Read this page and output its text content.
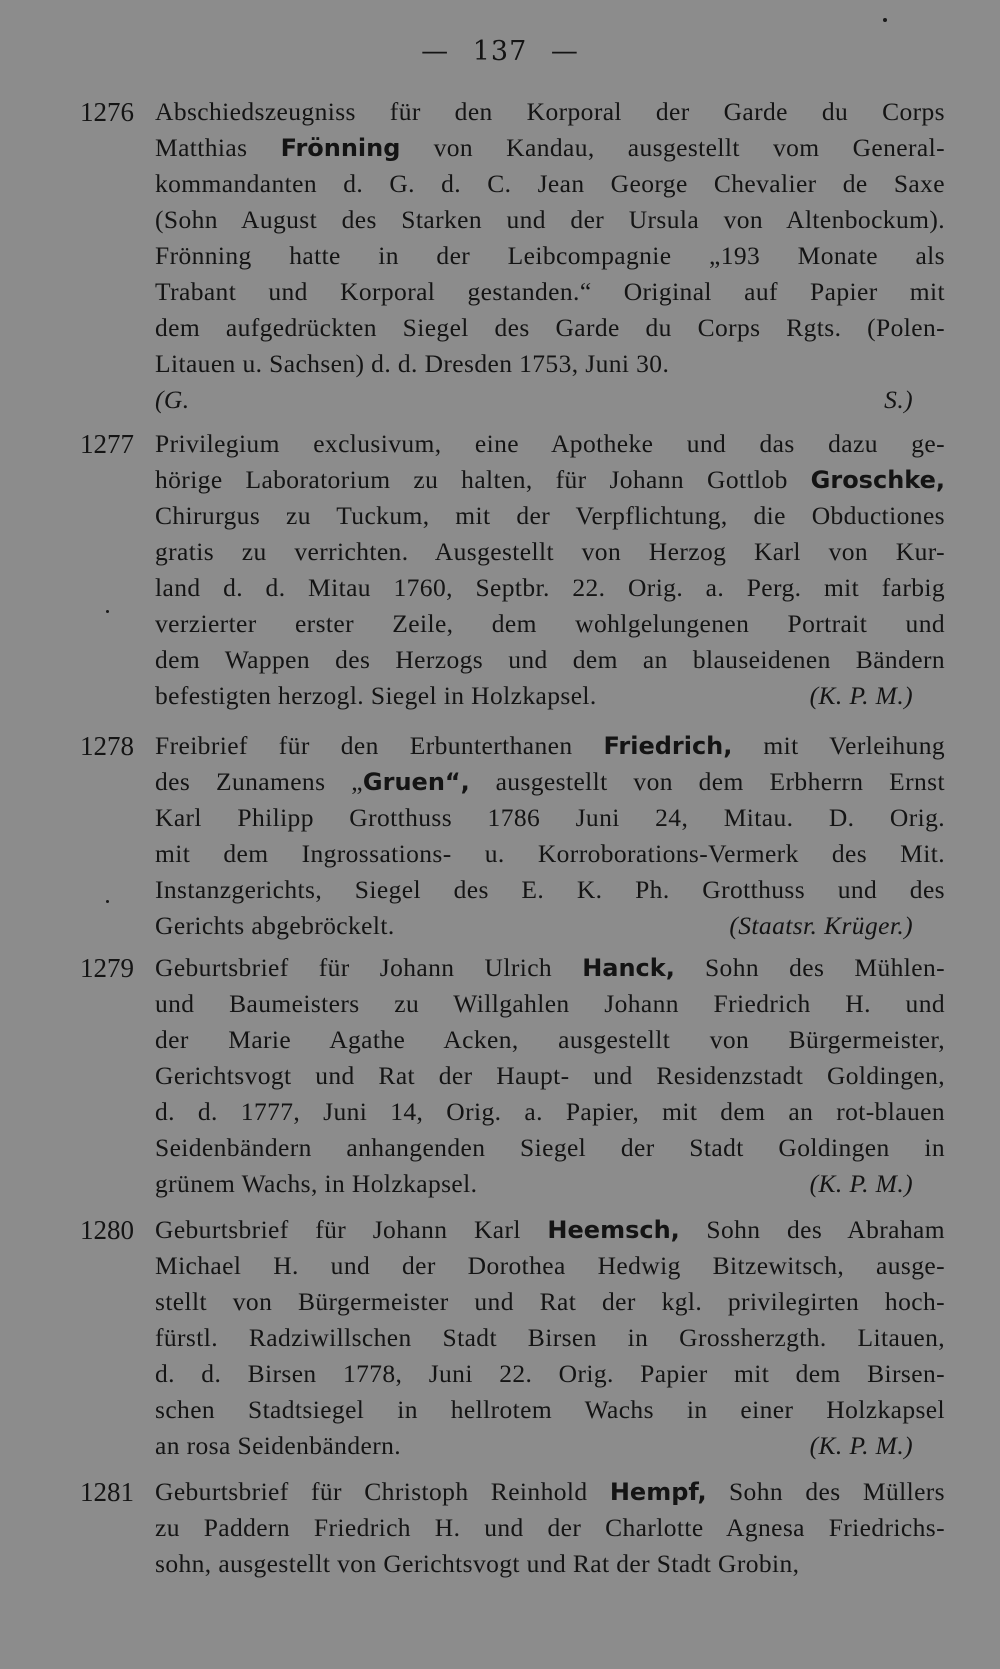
— 137 —
1276 Abschiedszeugniss für den Korporal der Garde du Corps
Matthias Frönning von Kandau, ausgestellt vom General-
kommandanten d. G. d. C. Jean George Chevalier de Saxe
(Sohn August des Starken und der Ursula von Altenbockum).
Frönning hatte in der Leibcompagnie „193 Monate als
Trabant und Korporal gestanden.“ Original auf Papier mit
dem aufgedrückten Siegel des Garde du Corps Rgts. (Polen-
Litauen u. Sachsen) d. d. Dresden 1753, Juni 30.
(G. S.)
1277 Privilegium exclusivum, eine Apotheke und das dazu ge-
hörige Laboratorium zu halten, für Johann Gottlob Groschke,
Chirurgus zu Tuckum, mit der Verpflichtung, die Obductiones
gratis zu verrichten. Ausgestellt von Herzog Karl von Kur-
land d. d. Mitau 1760, Septbr. 22. Orig. a. Perg. mit farbig
verzierter erster Zeile, dem wohlgelungenen Portrait und
dem Wappen des Herzogs und dem an blauseidenen Bändern
befestigten herzogl. Siegel in Holzkapsel.	(K. P. M.)
1278 Freibrief für den Erbunterthanen Friedrich, mit Verleihung
des Zunamens „Gruen“, ausgestellt von dem Erbherrn Ernst
Karl Philipp Grotthuss 1786 Juni 24, Mitau. D. Orig.
mit dem Ingrossations- u. Korroborations-Vermerk des Mit.
Instanzgerichts, Siegel des E. K. Ph. Grotthuss und des
Gerichts abgebröckelt.	(Staatsr. Krüger.)
1279 Geburtsbrief für Johann Ulrich Hanck, Sohn des Mühlen-
und Baumeisters zu Willgahlen Johann Friedrich H. und
der Marie Agathe Acken, ausgestellt von Bürgermeister,
Gerichtsvogt und Rat der Haupt- und Residenzstadt Goldingen,
d. d. 1777, Juni 14, Orig. a. Papier, mit dem an rot-blauen
Seidenbändern anhangenden Siegel der Stadt Goldingen in
grünem Wachs, in Holzkapsel.	(K. P. M.)
1280 Geburtsbrief für Johann Karl Heemsch, Sohn des Abraham
Michael H. und der Dorothea Hedwig Bitzewitsch, ausge-
stellt von Bürgermeister und Rat der kgl. privilegirten hoch-
fürstl. Radziwillschen Stadt Birsen in Grossherzgth. Litauen,
d. d. Birsen 1778, Juni 22. Orig. Papier mit dem Birsen-
schen Stadtsiegel in hellrotem Wachs in einer Holzkapsel
an rosa Seidenbändern.	(K. P. M.)
1281 Geburtsbrief für Christoph Reinhold Hempf, Sohn des Müllers
zu Paddern Friedrich H. und der Charlotte Agnesa Friedrichs-
sohn, ausgestellt von Gerichtsvogt und Rat der Stadt Grobin,
